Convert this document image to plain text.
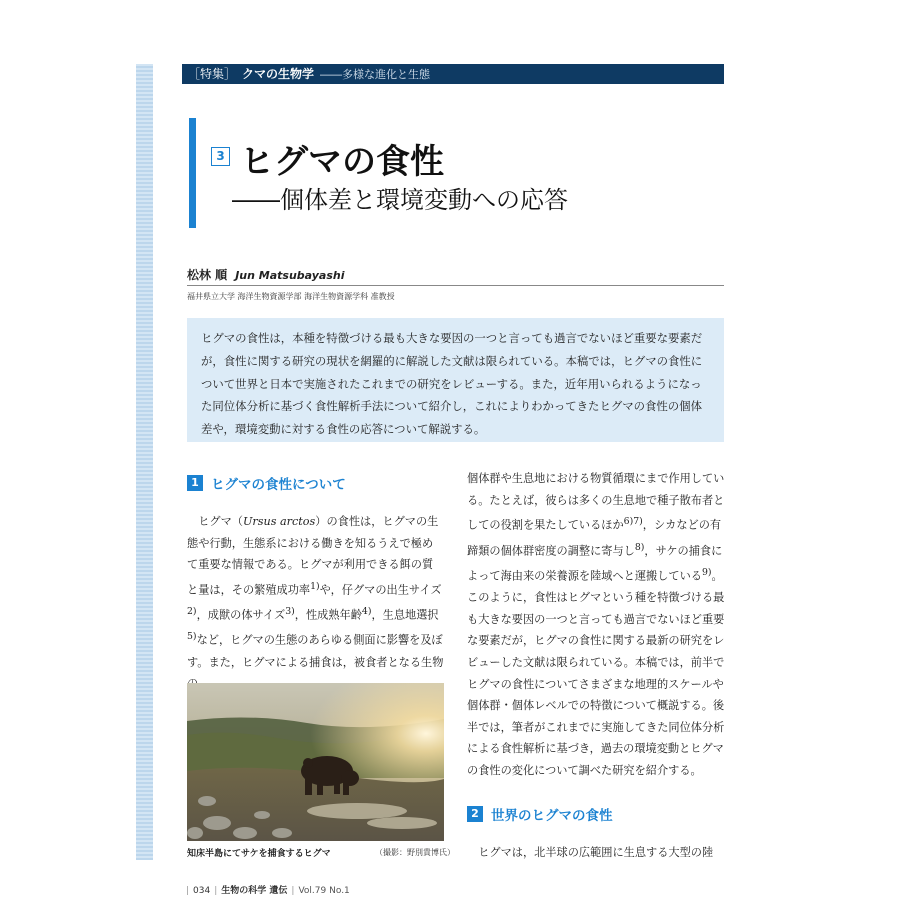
［特集］ クマの生物学 ――多様な進化と生態
3 ヒグマの食性
――個体差と環境変動への応答
松林 順 Jun Matsubayashi
福井県立大学 海洋生物資源学部 海洋生物資源学科 准教授
ヒグマの食性は，本種を特徴づける最も大きな要因の一つと言っても過言でないほど重要な要素だが，食性に関する研究の現状を網羅的に解説した文献は限られている。本稿では，ヒグマの食性について世界と日本で実施されたこれまでの研究をレビューする。また，近年用いられるようになった同位体分析に基づく食性解析手法について紹介し，これによりわかってきたヒグマの食性の個体差や，環境変動に対する食性の応答について解説する。
1 ヒグマの食性について

　ヒグマ（Ursus arctos）の食性は，ヒグマの生態や行動，生態系における働きを知るうえで極めて重要な情報である。ヒグマが利用できる餌の質と量は，その繁殖成功率$^{1)}$や，仔グマの出生サイズ$^{2)}$，成獣の体サイズ$^{3)}$，性成熟年齢$^{4)}$，生息地選択$^{5)}$など，ヒグマの生態のあらゆる側面に影響を及ぼす。また，ヒグマによる捕食は，被食者となる生物

知床半島にてサケを捕食するヒグマ	（撮影：野別貴博氏）

個体群や生息地における物質循環にまで作用している。たとえば，彼らは多くの生息地で種子散布者としての役割を果たしているほか$^{6)7)}$，シカなどの有蹄類の個体群密度の調整に寄与し$^{8)}$，サケの捕食によって海由来の栄養源を陸域へと運搬している$^{9)}$。このように，食性はヒグマという種を特徴づける最も大きな要因の一つと言っても過言でないほど重要な要素だが，ヒグマの食性に関する最新の研究をレビューした文献は限られている。本稿では，前半でヒグマの食性についてさまざまな地理的スケールや個体群・個体レベルでの特徴について概説する。後半では，筆者がこれまでに実施してきた同位体分析による食性解析に基づき，過去の環境変動とヒグマの食性の変化について調べた研究を紹介する。

2 世界のヒグマの食性

　ヒグマは，北半球の広範囲に生息する大型の陸

| 034 | 生物の科学 遺伝 | Vol.79 No.1
